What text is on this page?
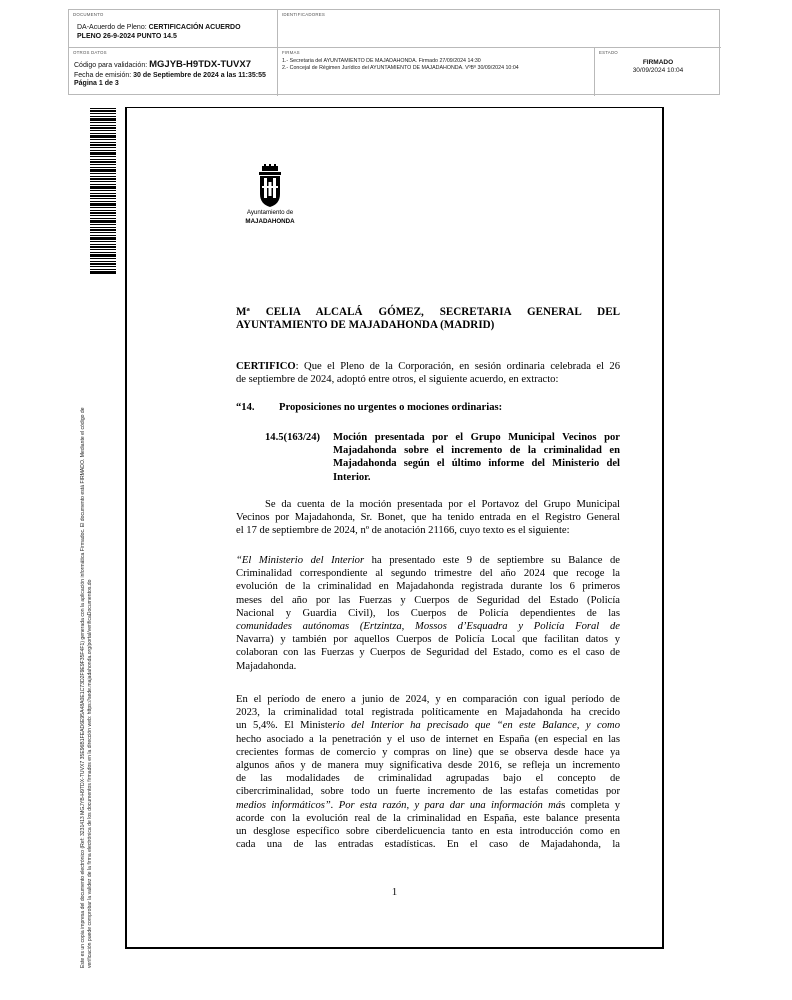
DOCUMENTO
DA-Acuerdo de Pleno: CERTIFICACIÓN ACUERDO
PLENO 26-9-2024 PUNTO 14.5
IDENTIFICADORES
OTROS DATOS
Código para validación: MGJYB-H9TDX-TUVX7
Fecha de emisión: 30 de Septiembre de 2024 a las 11:35:55
Página 1 de 3
FIRMAS
1.- Secretaria del AYUNTAMIENTO DE MAJADAHONDA. Firmado 27/09/2024 14:30
2.- Concejal de Régimen Jurídico del AYUNTAMIENTO DE MAJADAHONDA. VºBº 30/09/2024 10:04
ESTADO
FIRMADO
30/09/2024 10:04
Este es un copia impresa del documento electrónico (Ref: 3231413 MGJYB-H9TDX-TUVX7 35E96B1FEAD6E95A48A0E1C73D2F9E9F35F4F1) generada con la aplicación informática Firmadoc. El documento está FIRMADO. Mediante el código de verificación puede comprobar la validez de la firma electrónica de los documentos firmados en la dirección web: https://sede.majadahonda.org/portal/verificaDocumentos.do
Ayuntamiento de
MAJADAHONDA
Mª CELIA ALCALÁ GÓMEZ, SECRETARIA GENERAL DEL
AYUNTAMIENTO DE MAJADAHONDA (MADRID)
CERTIFICO: Que el Pleno de la Corporación, en sesión ordinaria celebrada el 26
de septiembre de 2024, adoptó entre otros, el siguiente acuerdo, en extracto:
“14. Proposiciones no urgentes o mociones ordinarias:
14.5(163/24) Moción presentada por el Grupo Municipal Vecinos por
Majadahonda sobre el incremento de la criminalidad en
Majadahonda según el último informe del Ministerio del
Interior.
Se da cuenta de la moción presentada por el Portavoz del Grupo Municipal
Vecinos por Majadahonda, Sr. Bonet, que ha tenido entrada en el Registro General
el 17 de septiembre de 2024, nº de anotación 21166, cuyo texto es el siguiente:
“El Ministerio del Interior ha presentado este 9 de septiembre su Balance de
Criminalidad correspondiente al segundo trimestre del año 2024 que recoge la
evolución de la criminalidad en Majadahonda registrada durante los 6 primeros
meses del año por las Fuerzas y Cuerpos de Seguridad del Estado (Policía
Nacional y Guardia Civil), los Cuerpos de Policía dependientes de las
comunidades autónomas (Ertzintza, Mossos d’Esquadra y Policía Foral de
Navarra) y también por aquellos Cuerpos de Policía Local que facilitan datos y
colaboran con las Fuerzas y Cuerpos de Seguridad del Estado, como es el caso de
Majadahonda.
En el período de enero a junio de 2024, y en comparación con igual período de
2023, la criminalidad total registrada políticamente en Majadahonda ha crecido
un 5,4%. El Ministerio del Interior ha precisado que “en este Balance, y como
hecho asociado a la penetración y el uso de internet en España (en especial en las
crecientes formas de comercio y compras on line) que se observa desde hace ya
algunos años y de manera muy significativa desde 2016, se refleja un incremento
de las modalidades de criminalidad agrupadas bajo el concepto de
cibercriminalidad, sobre todo un fuerte incremento de las estafas cometidas por
medios informáticos”. Por esta razón, y para dar una información más completa y
acorde con la evolución real de la criminalidad en España, este balance presenta
un desglose específico sobre ciberdelicuencia tanto en esta introducción como en
cada una de las entradas estadísticas. En el caso de Majadahonda, la
1
